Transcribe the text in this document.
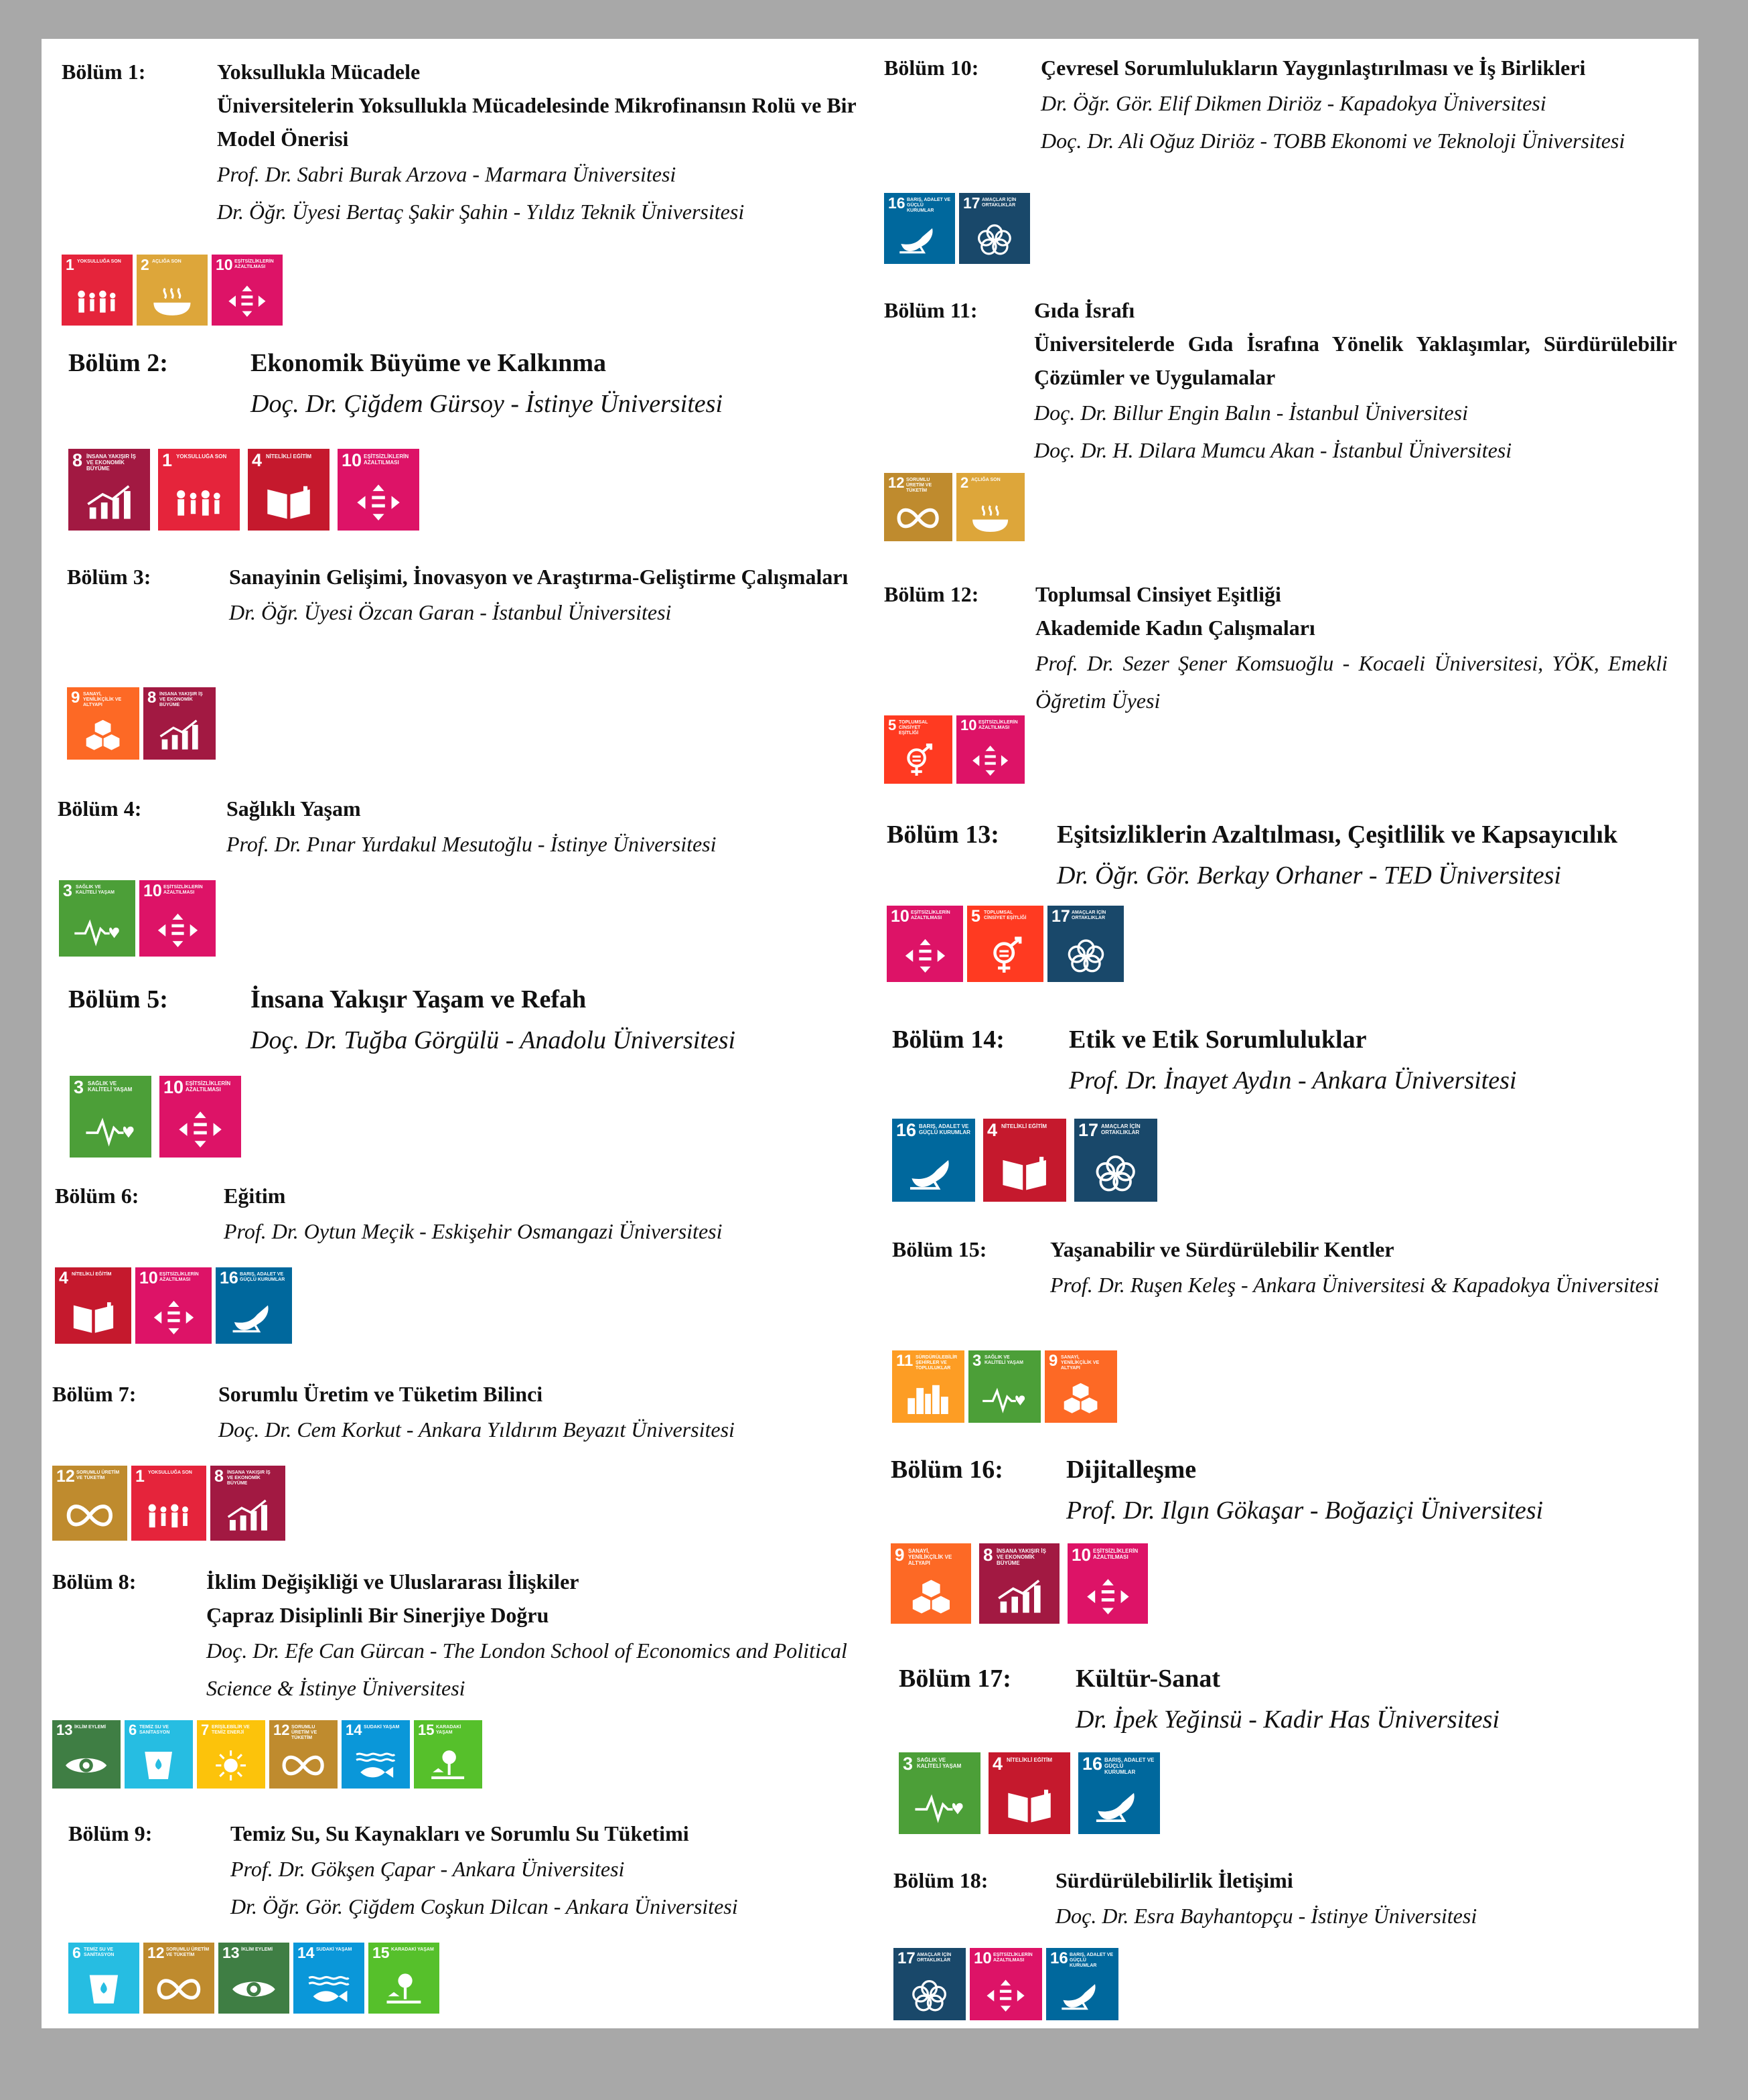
Bölüm 1:	Yoksullukla Mücadele

Üniversitelerin Yoksullukla Mücadelesinde Mikrofinansın Rolü ve Bir Model Önerisi

Prof. Dr. Sabri Burak Arzova - Marmara Üniversitesi

Dr. Öğr. Üyesi Bertaç Şakir Şahin - Yıldız Teknik Üniversitesi

1 YOKSULLUĞA SON 2 AÇLIĞA SON	10 EŞİTSİZLİKLERİN AZALTILMASI
Bölüm 2:	Ekonomik Büyüme ve Kalkınma

Doç. Dr. Çiğdem Gürsoy - İstinye Üniversitesi

8 İNSANA YAKIŞIR İŞ VE EKONOMİK BÜYÜME	1 YOKSULLUĞA SON 4 NİTELİKLİ EĞİTİM 10 EŞİTSİZLİKLERİN AZALTILMASI
Bölüm 3:	Sanayinin Gelişimi, İnovasyon ve Araştırma-Geliştirme Çalışmaları

Dr. Öğr. Üyesi Özcan Garan - İstanbul Üniversitesi

9 SANAYİ, YENİLİKÇİLİK VE ALTYAPI	8 İNSANA YAKIŞIR İŞ VE EKONOMİK BÜYÜME
Bölüm 4:	Sağlıklı Yaşam

Prof. Dr. Pınar Yurdakul Mesutoğlu - İstinye Üniversitesi

3 SAĞLIK VE KALİTELİ YAŞAM	10 EŞİTSİZLİKLERİN AZALTILMASI
Bölüm 5:	İnsana Yakışır Yaşam ve Refah

Doç. Dr. Tuğba Görgülü - Anadolu Üniversitesi

3 SAĞLIK VE KALİTELİ YAŞAM	10 EŞİTSİZLİKLERİN AZALTILMASI
Bölüm 6:	Eğitim

Prof. Dr. Oytun Meçik - Eskişehir Osmangazi Üniversitesi

4 NİTELİKLİ EĞİTİM	10 EŞİTSİZLİKLERİN AZALTILMASI	16 BARIŞ, ADALET VE GÜÇLÜ KURUMLAR
Bölüm 7:	Sorumlu Üretim ve Tüketim Bilinci

Doç. Dr. Cem Korkut - Ankara Yıldırım Beyazıt Üniversitesi

12 SORUMLU ÜRETİM VE TÜKETİM	1 YOKSULLUĞA SON 8 İNSANA YAKIŞIR İŞ VE EKONOMİK BÜYÜME
Bölüm 8:	İklim Değişikliği ve Uluslararası İlişkiler

Çapraz Disiplinli Bir Sinerjiye Doğru

Doç. Dr. Efe Can Gürcan - The London School of Economics and Political Science & İstinye Üniversitesi

13 İKLİM EYLEMİ	6 TEMİZ SU VE SANİTASYON	7 ERİŞİLEBİLİR VE TEMİZ ENERJİ	12 SORUMLU ÜRETİM VE TÜKETİM	14 SUDAKİ YAŞAM	15 KARADAKİ YAŞAM
Bölüm 9:	Temiz Su, Su Kaynakları ve Sorumlu Su Tüketimi

Prof. Dr. Gökşen Çapar - Ankara Üniversitesi

Dr. Öğr. Gör. Çiğdem Coşkun Dilcan - Ankara Üniversitesi

6 TEMİZ SU VE SANİTASYON	12 SORUMLU ÜRETİM VE TÜKETİM	13 İKLİM EYLEMİ	14 SUDAKİ YAŞAM	15 KARADAKİ YAŞAM
Bölüm 10:	Çevresel Sorumlulukların Yaygınlaştırılması ve İş Birlikleri

Dr. Öğr. Gör. Elif Dikmen Diriöz - Kapadokya Üniversitesi

Doç. Dr. Ali Oğuz Diriöz - TOBB Ekonomi ve Teknoloji Üniversitesi

16 BARIŞ, ADALET VE GÜÇLÜ KURUMLAR	17 AMAÇLAR İÇİN ORTAKLIKLAR
Bölüm 11:	Gıda İsrafı

Üniversitelerde Gıda İsrafına Yönelik Yaklaşımlar, Sürdürülebilir Çözümler ve Uygulamalar

Doç. Dr. Billur Engin Balın - İstanbul Üniversitesi

Doç. Dr. H. Dilara Mumcu Akan - İstanbul Üniversitesi

12 SORUMLU ÜRETİM VE TÜKETİM	2 AÇLIĞA SON
Bölüm 12:	Toplumsal Cinsiyet Eşitliği

Akademide Kadın Çalışmaları

Prof. Dr. Sezer Şener Komsuoğlu - Kocaeli Üniversitesi, YÖK, Emekli Öğretim Üyesi

5 TOPLUMSAL CİNSİYET EŞİTLİĞİ	10 EŞİTSİZLİKLERİN AZALTILMASI
Bölüm 13: Eşitsizliklerin Azaltılması, Çeşitlilik ve Kapsayıcılık

Dr. Öğr. Gör. Berkay Orhaner - TED Üniversitesi

10 EŞİTSİZLİKLERİN AZALTILMASI	5 TOPLUMSAL CİNSİYET EŞİTLİĞİ	17 AMAÇLAR İÇİN ORTAKLIKLAR
Bölüm 14:	Etik ve Etik Sorumluluklar

Prof. Dr. İnayet Aydın - Ankara Üniversitesi

16 BARIŞ, ADALET VE GÜÇLÜ KURUMLAR 4 NİTELİKLİ EĞİTİM	17 AMAÇLAR İÇİN ORTAKLIKLAR
Bölüm 15:	Yaşanabilir ve Sürdürülebilir Kentler

Prof. Dr. Ruşen Keleş - Ankara Üniversitesi & Kapadokya Üniversitesi

11 SÜRDÜRÜLEBİLİR ŞEHİRLER VE TOPLULUKLAR	3 SAĞLIK VE KALİTELİ YAŞAM	9 SANAYİ, YENİLİKÇİLİK VE ALTYAPI
Bölüm 16: Dijitalleşme

Prof. Dr. Ilgın Gökaşar - Boğaziçi Üniversitesi

9 SANAYİ, YENİLİKÇİLİK VE ALTYAPI	8 İNSANA YAKIŞIR İŞ VE EKONOMİK BÜYÜME	10 EŞİTSİZLİKLERİN AZALTILMASI
Bölüm 17:	Kültür-Sanat

Dr. İpek Yeğinsü - Kadir Has Üniversitesi

3 SAĞLIK VE KALİTELİ YAŞAM	4 NİTELİKLİ EĞİTİM 16 BARIŞ, ADALET VE GÜÇLÜ KURUMLAR
Bölüm 18:	Sürdürülebilirlik İletişimi

Doç. Dr. Esra Bayhantopçu - İstinye Üniversitesi

17 AMAÇLAR İÇİN ORTAKLIKLAR	10 EŞİTSİZLİKLERİN AZALTILMASI	16 BARIŞ, ADALET VE GÜÇLÜ KURUMLAR
